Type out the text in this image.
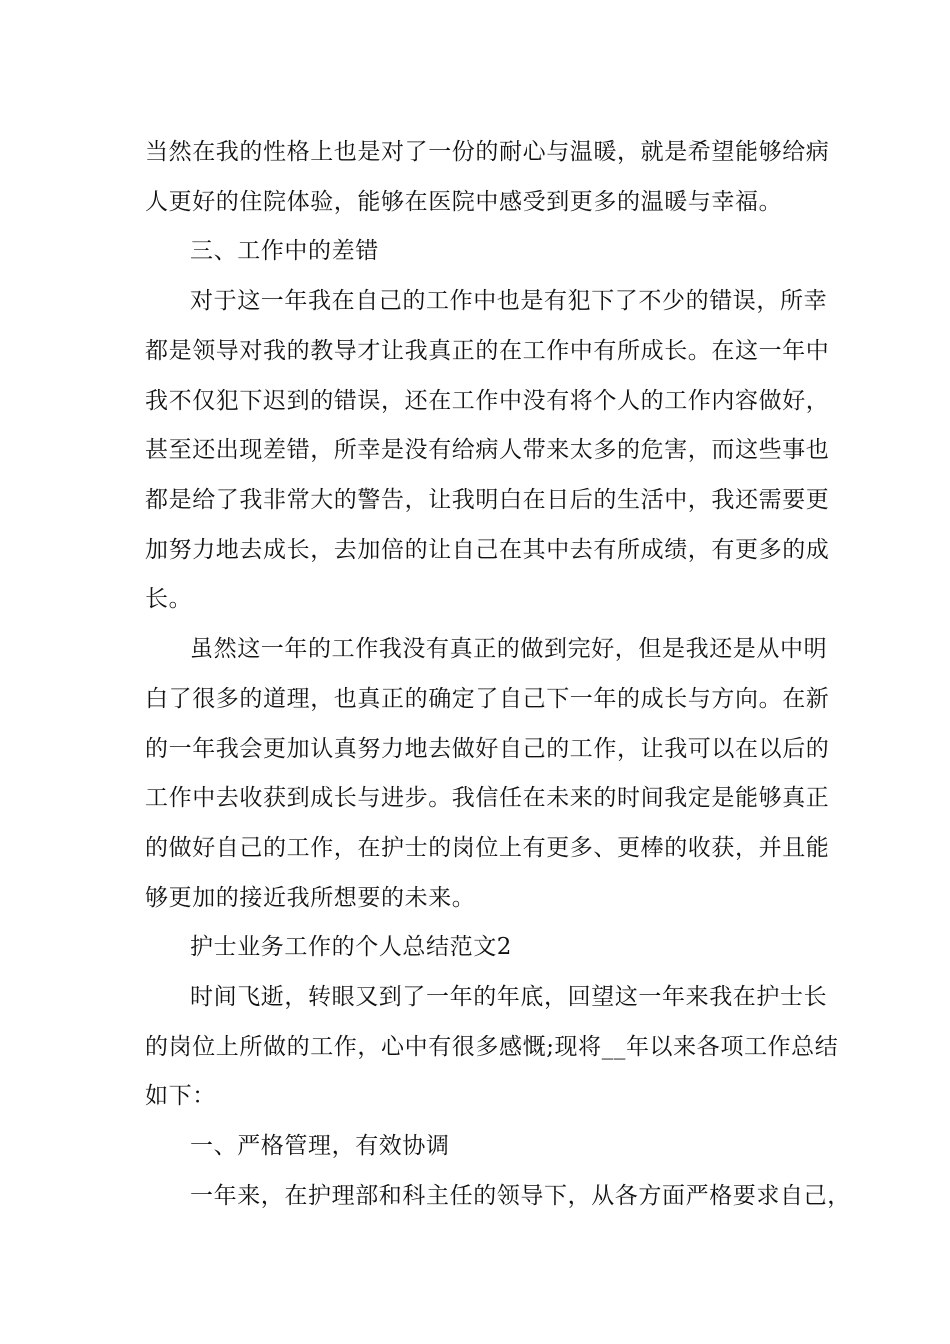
当然在我的性格上也是对了一份的耐心与温暖，就是希望能够给病
人更好的住院体验，能够在医院中感受到更多的温暖与幸福。
三、工作中的差错
对于这一年我在自己的工作中也是有犯下了不少的错误，所幸
都是领导对我的教导才让我真正的在工作中有所成长。在这一年中
我不仅犯下迟到的错误，还在工作中没有将个人的工作内容做好，
甚至还出现差错，所幸是没有给病人带来太多的危害，而这些事也
都是给了我非常大的警告，让我明白在日后的生活中，我还需要更
加努力地去成长，去加倍的让自己在其中去有所成绩，有更多的成
长。
虽然这一年的工作我没有真正的做到完好，但是我还是从中明
白了很多的道理，也真正的确定了自己下一年的成长与方向。在新
的一年我会更加认真努力地去做好自己的工作，让我可以在以后的
工作中去收获到成长与进步。我信任在未来的时间我定是能够真正
的做好自己的工作，在护士的岗位上有更多、更棒的收获，并且能
够更加的接近我所想要的未来。
护士业务工作的个人总结范文2
时间飞逝，转眼又到了一年的年底，回望这一年来我在护士长
的岗位上所做的工作，心中有很多感慨;现将__年以来各项工作总结
如下：
一、严格管理，有效协调
一年来，在护理部和科主任的领导下，从各方面严格要求自己，
